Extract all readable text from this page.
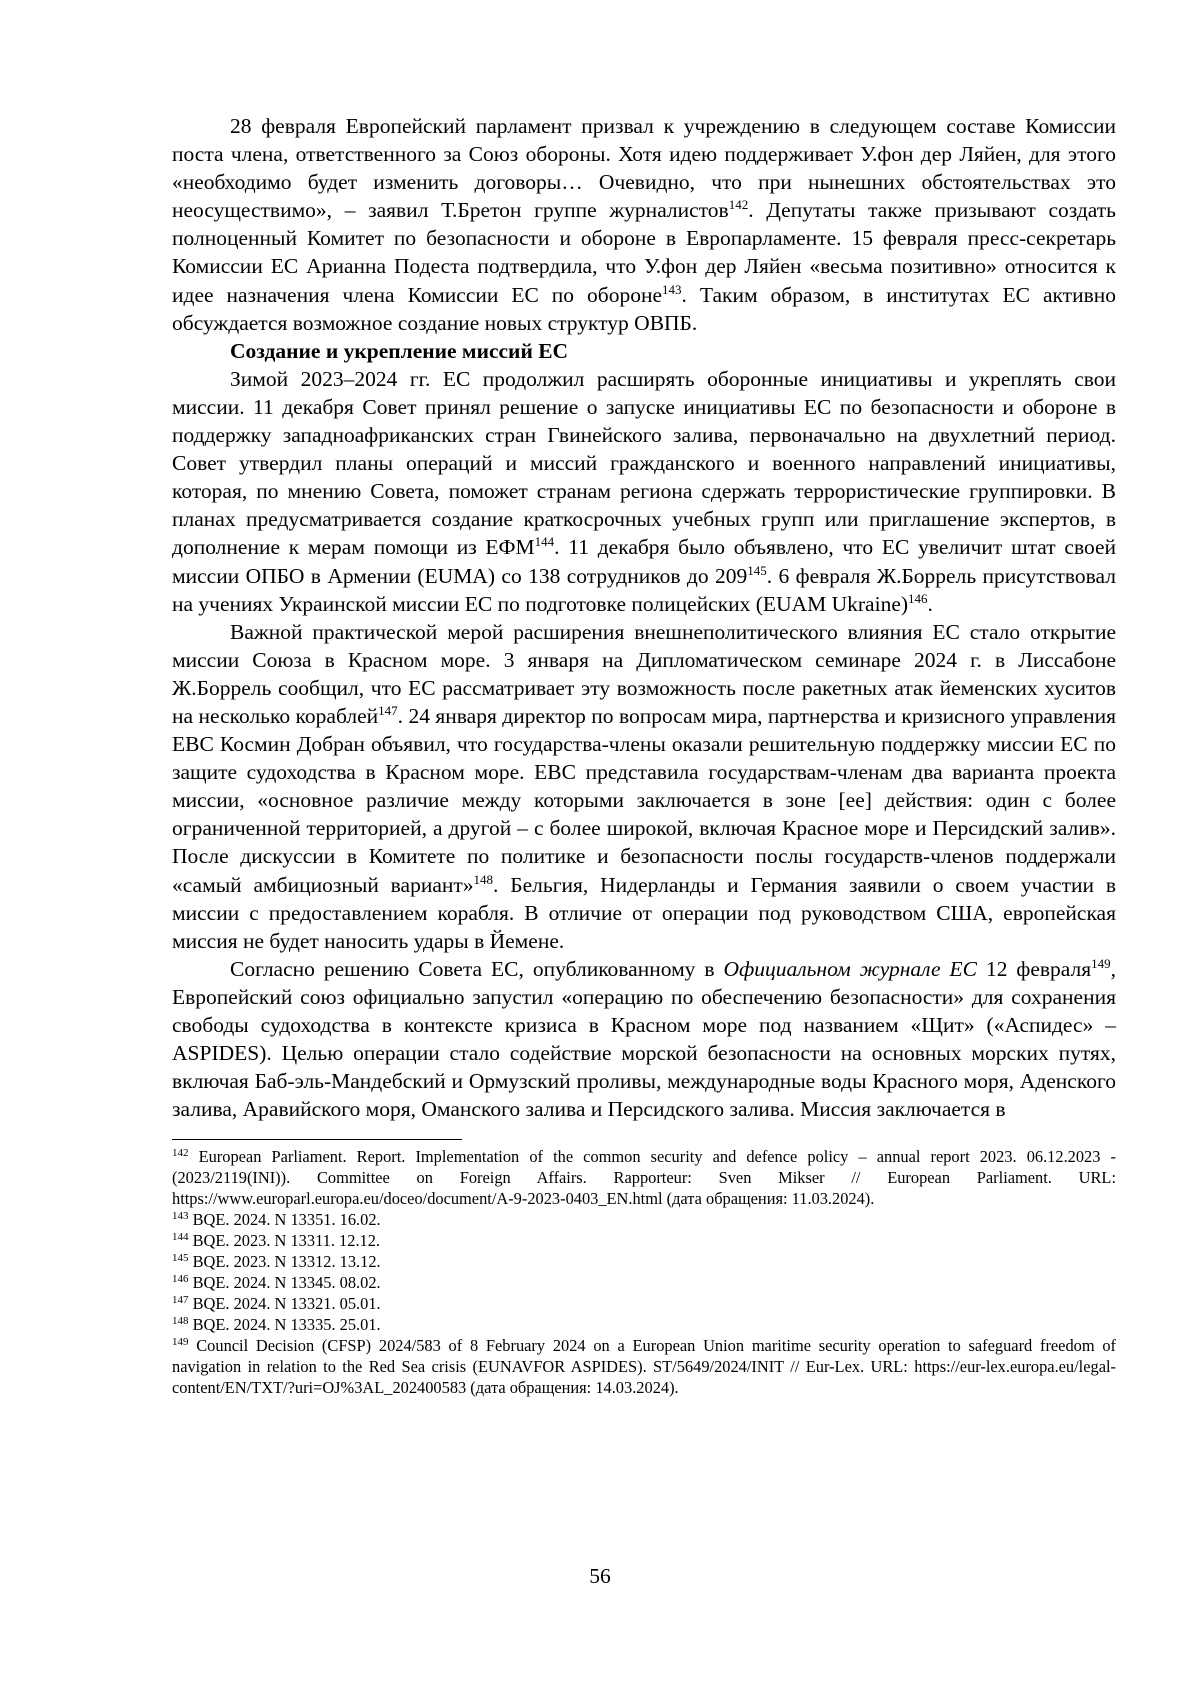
28 февраля Европейский парламент призвал к учреждению в следующем составе Комиссии поста члена, ответственного за Союз обороны. Хотя идею поддерживает У.фон дер Ляйен, для этого «необходимо будет изменить договоры… Очевидно, что при нынешних обстоятельствах это неосуществимо», – заявил Т.Бретон группе журналистов$^{142}$. Депутаты также призывают создать полноценный Комитет по безопасности и обороне в Европарламенте. 15 февраля пресс-секретарь Комиссии ЕС Арианна Подеста подтвердила, что У.фон дер Ляйен «весьма позитивно» относится к идее назначения члена Комиссии ЕС по обороне$^{143}$. Таким образом, в институтах ЕС активно обсуждается возможное создание новых структур ОВПБ.

Создание и укрепление миссий ЕС

Зимой 2023–2024 гг. ЕС продолжил расширять оборонные инициативы и укреплять свои миссии. 11 декабря Совет принял решение о запуске инициативы ЕС по безопасности и обороне в поддержку западноафриканских стран Гвинейского залива, первоначально на двухлетний период. Совет утвердил планы операций и миссий гражданского и военного направлений инициативы, которая, по мнению Совета, поможет странам региона сдержать террористические группировки. В планах предусматривается создание краткосрочных учебных групп или приглашение экспертов, в дополнение к мерам помощи из ЕФМ$^{144}$. 11 декабря было объявлено, что ЕС увеличит штат своей миссии ОПБО в Армении (EUMA) со 138 сотрудников до $209^{145}$. 6 февраля Ж.Боррель присутствовал на учениях Украинской миссии ЕС по подготовке полицейских (EUAM Ukraine)$^{146}$.

Важной практической мерой расширения внешнеполитического влияния ЕС стало открытие миссии Союза в Красном море. 3 января на Дипломатическом семинаре 2024 г. в Лиссабоне Ж.Боррель сообщил, что ЕС рассматривает эту возможность после ракетных атак йеменских хуситов на несколько кораблей$^{147}$. 24 января директор по вопросам мира, партнерства и кризисного управления ЕВС Космин Добран объявил, что государства-члены оказали решительную поддержку миссии ЕС по защите судоходства в Красном море. ЕВС представила государствам-членам два варианта проекта миссии, «основное различие между которыми заключается в зоне [ее] действия: один с более ограниченной территорией, а другой – с более широкой, включая Красное море и Персидский залив». После дискуссии в Комитете по политике и безопасности послы государств-членов поддержали «самый амбициозный вариант»$^{148}$. Бельгия, Нидерланды и Германия заявили о своем участии в миссии с предоставлением корабля. В отличие от операции под руководством США, европейская миссия не будет наносить удары в Йемене.

Согласно решению Совета ЕС, опубликованному в Официальном журнале ЕС 12 февраля$^{149}$, Европейский союз официально запустил «операцию по обеспечению безопасности» для сохранения свободы судоходства в контексте кризиса в Красном море под названием «Щит» («Аспидес» – ASPIDES). Целью операции стало содействие морской безопасности на основных морских путях, включая Баб-эль-Мандебский и Ормузский проливы, международные воды Красного моря, Аденского залива, Аравийского моря, Оманского залива и Персидского залива. Миссия заключается в

$^{142}$ European Parliament. Report. Implementation of the common security and defence policy – annual report 2023. 06.12.2023 - (2023/2119(INI)). Committee on Foreign Affairs. Rapporteur: Sven Mikser // European Parliament. URL: https://www.europarl.europa.eu/doceo/document/A-9-2023-0403_EN.html (дата обращения: 11.03.2024).

$^{143}$ BQE. 2024. N 13351. 16.02.

$^{144}$ BQE. 2023. N 13311. 12.12.

$^{145}$ BQE. 2023. N 13312. 13.12.

$^{146}$ BQE. 2024. N 13345. 08.02.

$^{147}$ BQE. 2024. N 13321. 05.01.

$^{148}$ BQE. 2024. N 13335. 25.01.

$^{149}$ Council Decision (CFSP) 2024/583 of 8 February 2024 on a European Union maritime security operation to safeguard freedom of navigation in relation to the Red Sea crisis (EUNAVFOR ASPIDES). ST/5649/2024/INIT // Eur-Lex. URL: https://eur-lex.europa.eu/legal-content/EN/TXT/?uri=OJ%3AL_202400583 (дата обращения: 14.03.2024).

56
